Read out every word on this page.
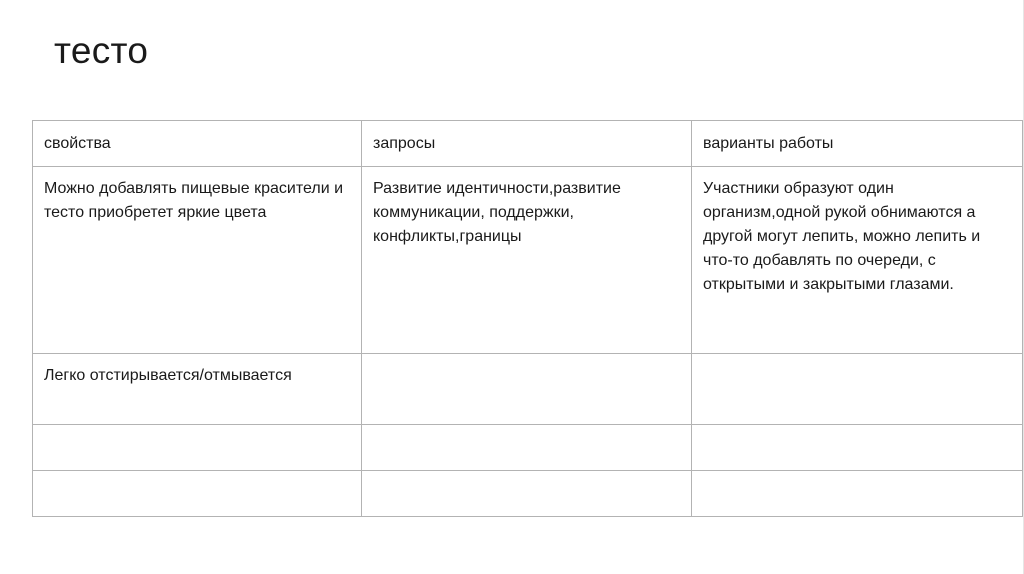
тесто
свойства	запросы	варианты работы
Можно добавлять пищевые красители и тесто приобретет яркие цвета	Развитие идентичности,развитие коммуникации, поддержки, конфликты,границы	Участники образуют один организм,одной рукой обнимаются а другой могут лепить, можно лепить и что-то добавлять по очереди, с открытыми и закрытыми глазами.
Легко отстирывается/отмывается		
